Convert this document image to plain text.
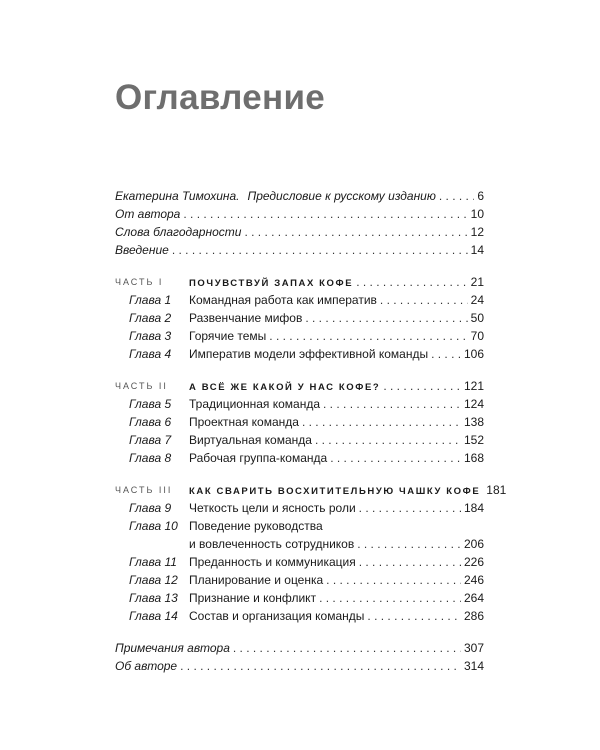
Оглавление
Екатерина Тимохина. Предисловие к русскому изданию . . .	6
От автора . . .	10
Слова благодарности . . .	12
Введение . . .	14
ЧАСТЬ I	ПОЧУВСТВУЙ ЗАПАХ КОФЕ . . .	21
Глава 1 Командная работа как императив . . .	24
Глава 2 Развенчание мифов . . .	50
Глава 3 Горячие темы . . .	70
Глава 4 Императив модели эффективной команды . . .	106
ЧАСТЬ II А ВСЁ ЖЕ КАКОЙ У НАС КОФЕ? . . .	121
Глава 5 Традиционная команда . . .	124
Глава 6 Проектная команда . . .	138
Глава 7 Виртуальная команда . . .	152
Глава 8 Рабочая группа-команда . . .	168
ЧАСТЬ III КАК СВАРИТЬ ВОСХИТИТЕЛЬНУЮ ЧАШКУ КОФЕ 181
Глава 9 Четкость цели и ясность роли . . .	184
Глава 10 Поведение руководства
и вовлеченность сотрудников . . .	206
Глава 11 Преданность и коммуникация . . .	226
Глава 12 Планирование и оценка . . .	246
Глава 13 Признание и конфликт . . .	264
Глава 14 Состав и организация команды . . .	286
Примечания автора . . .	307
Об авторе . . .	314
